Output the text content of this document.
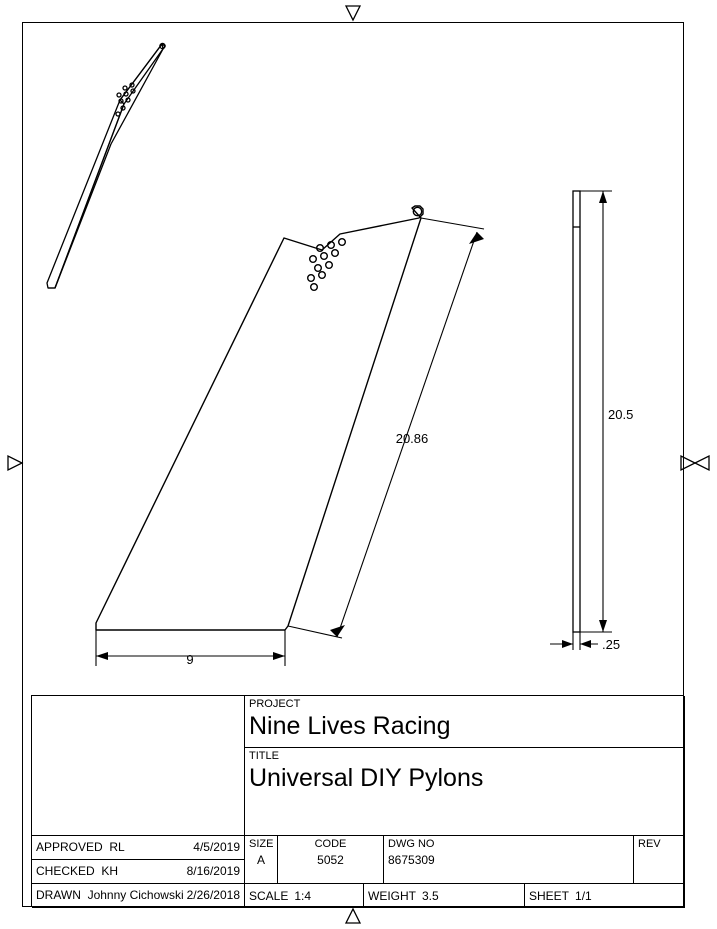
20.86
9
20.5
.25
PROJECT
Nine Lives Racing
TITLE
Universal DIY Pylons
APPROVED RL	4/5/2019
CHECKED KH	8/16/2019
DRAWN Johnny Cichowski 2/26/2018
SIZE
A
CODE
5052
DWG NO
8675309
REV
SCALE 1:4	WEIGHT 3.5	SHEET 1/1
